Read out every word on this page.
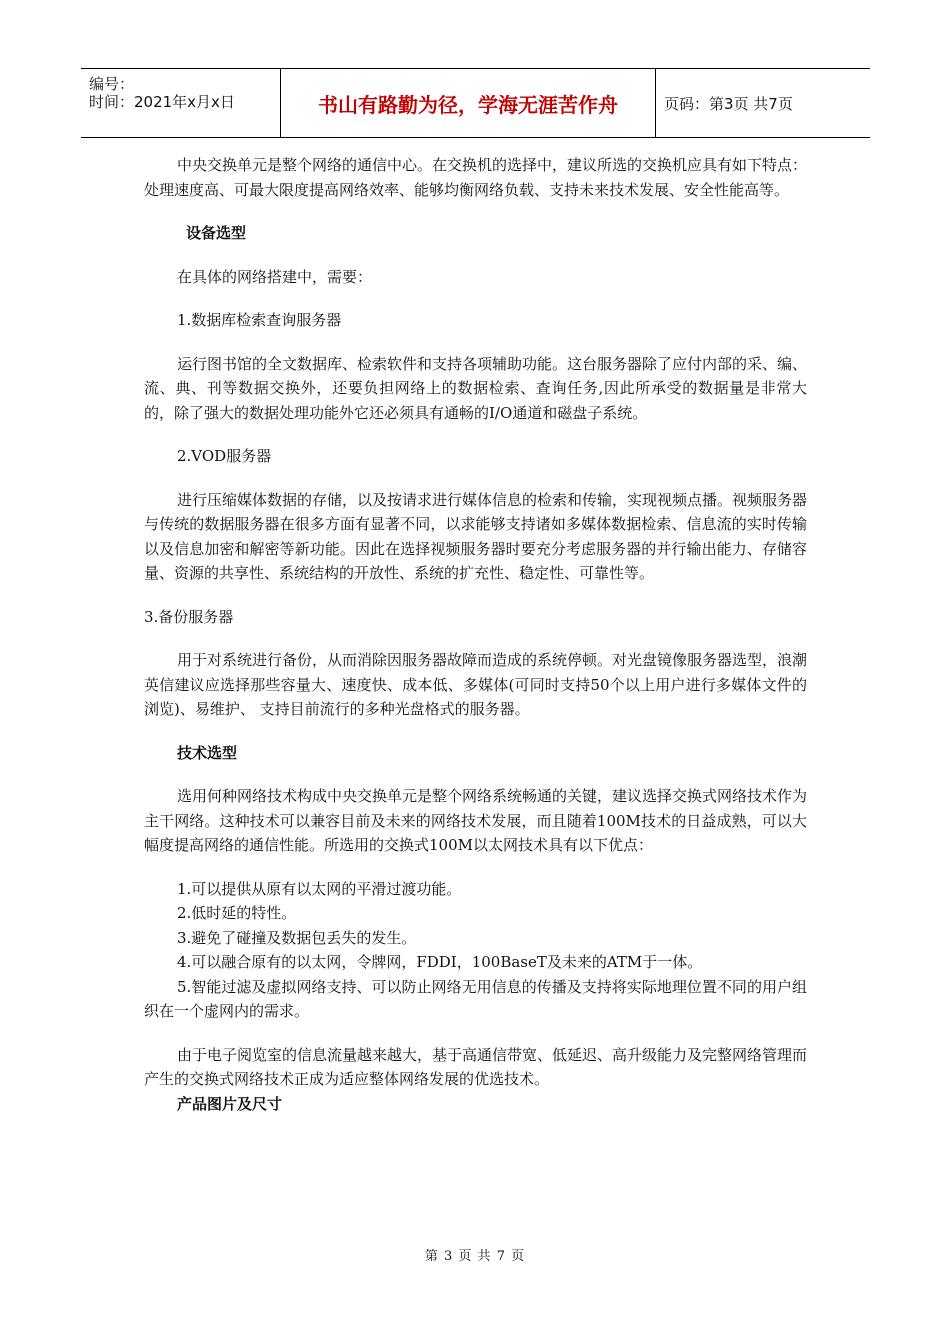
编号：
时间：2021年x月x日	书山有路勤为径，学海无涯苦作舟	页码：第3页 共7页

中央交换单元是整个网络的通信中心。在交换机的选择中，建议所选的交换机应具有如下特点：处理速度高、可最大限度提高网络效率、能够均衡网络负载、支持未来技术发展、安全性能高等。

设备选型

在具体的网络搭建中，需要：

1.数据库检索查询服务器

运行图书馆的全文数据库、检索软件和支持各项辅助功能。这台服务器除了应付内部的采、编、流、典、刊等数据交换外，还要负担网络上的数据检索、查询任务,因此所承受的数据量是非常大的，除了强大的数据处理功能外它还必须具有通畅的I/O通道和磁盘子系统。

2.VOD服务器

进行压缩媒体数据的存储，以及按请求进行媒体信息的检索和传输，实现视频点播。视频服务器与传统的数据服务器在很多方面有显著不同，以求能够支持诸如多媒体数据检索、信息流的实时传输以及信息加密和解密等新功能。因此在选择视频服务器时要充分考虑服务器的并行输出能力、存储容量、资源的共享性、系统结构的开放性、系统的扩充性、稳定性、可靠性等。

3.备份服务器

用于对系统进行备份，从而消除因服务器故障而造成的系统停顿。对光盘镜像服务器选型，浪潮英信建议应选择那些容量大、速度快、成本低、多媒体(可同时支持50个以上用户进行多媒体文件的浏览)、易维护、 支持目前流行的多种光盘格式的服务器。

技术选型

选用何种网络技术构成中央交换单元是整个网络系统畅通的关键，建议选择交换式网络技术作为主干网络。这种技术可以兼容目前及未来的网络技术发展，而且随着100M技术的日益成熟，可以大幅度提高网络的通信性能。所选用的交换式100M以太网技术具有以下优点：

1.可以提供从原有以太网的平滑过渡功能。

2.低时延的特性。

3.避免了碰撞及数据包丢失的发生。

4.可以融合原有的以太网，令牌网，FDDI，100BaseT及未来的ATM于一体。

5.智能过滤及虚拟网络支持、可以防止网络无用信息的传播及支持将实际地理位置不同的用户组织在一个虚网内的需求。

由于电子阅览室的信息流量越来越大，基于高通信带宽、低延迟、高升级能力及完整网络管理而产生的交换式网络技术正成为适应整体网络发展的优选技术。

产品图片及尺寸

第 3 页 共 7 页
